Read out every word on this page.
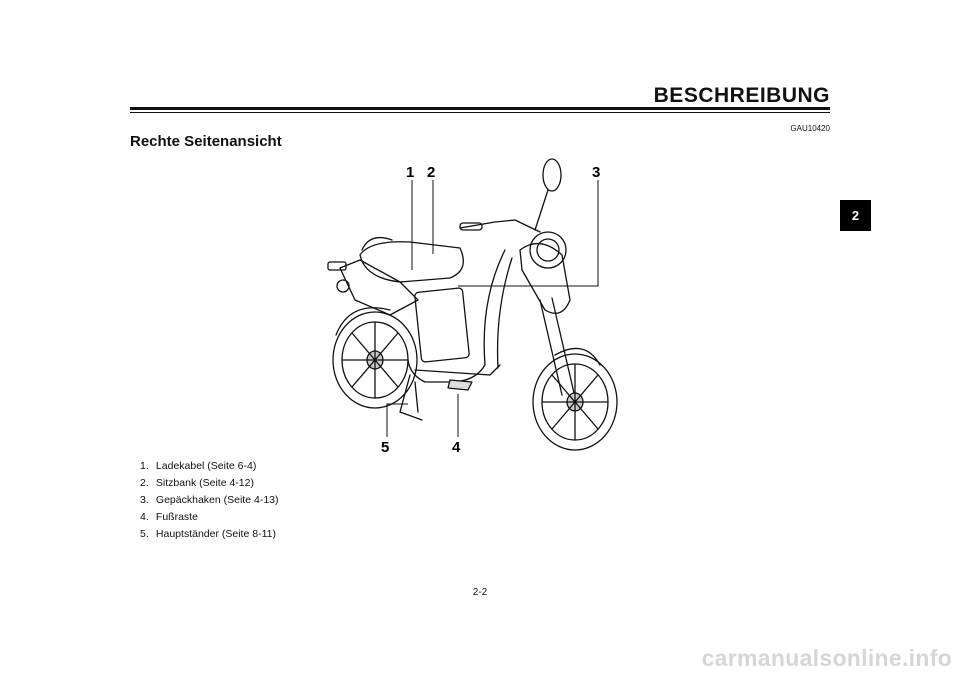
BESCHREIBUNG
GAU10420
Rechte Seitenansicht
2
1 2	3
4
5
1. Ladekabel (Seite 6-4)
2. Sitzbank (Seite 4-12)
3. Gepäckhaken (Seite 4-13)
4. Fußraste
5. Hauptständer (Seite 8-11)
2-2
carmanualsonline.info
